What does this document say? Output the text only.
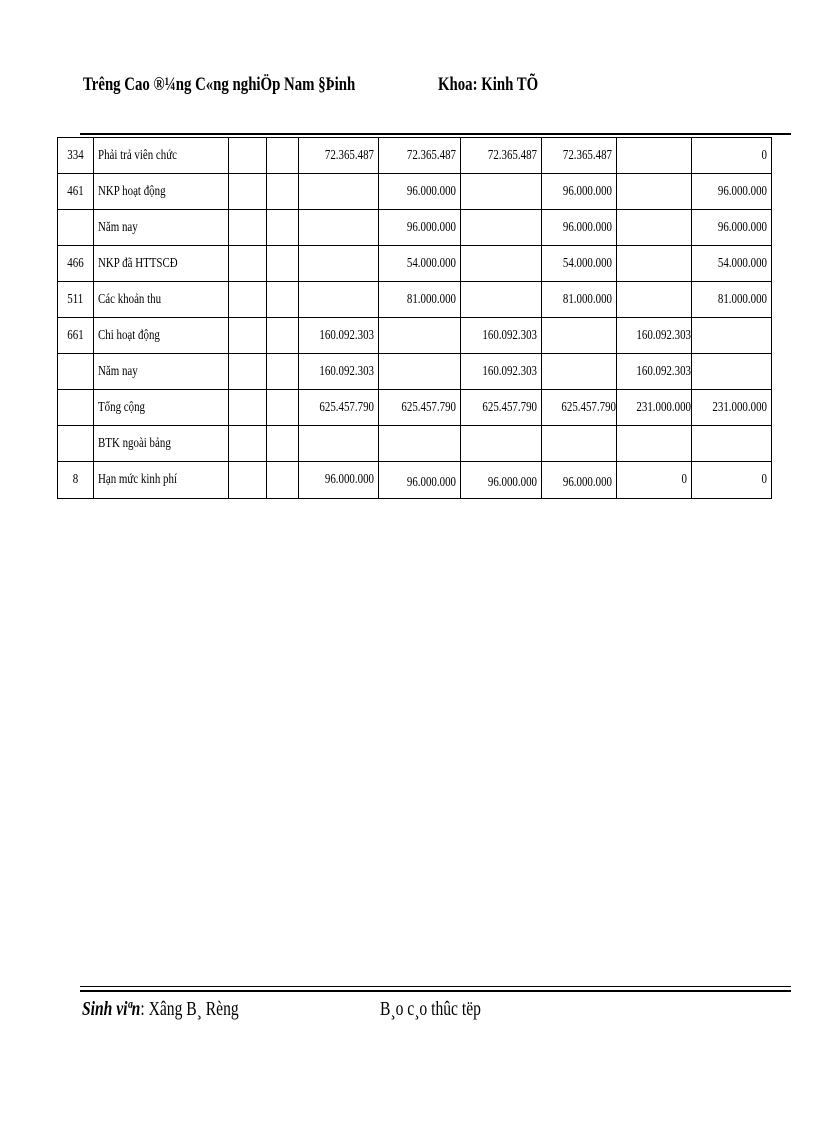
Trêng Cao ®¼ng C«ng nghiÖp Nam §Þinh	Khoa: Kinh TÕ
334	Phải trả viên chức			72.365.487	72.365.487	72.365.487	72.365.487		0
461	NKP hoạt động				96.000.000		96.000.000		96.000.000
	Năm nay				96.000.000		96.000.000		96.000.000
466	NKP đã HTTSCĐ				54.000.000		54.000.000		54.000.000
511	Các khoản thu				81.000.000		81.000.000		81.000.000
661	Chi hoạt động			160.092.303		160.092.303		160.092.303	
	Năm nay			160.092.303		160.092.303		160.092.303	
	Tổng cộng			625.457.790	625.457.790	625.457.790	625.457.790	231.000.000	231.000.000
	BTK ngoài bảng								
8	Hạn mức kinh phí			96.000.000	96.000.000	96.000.000	96.000.000	0	0
Sinh viªn: Xâng B¸ Rèng	B¸o c¸o thûc tëp
